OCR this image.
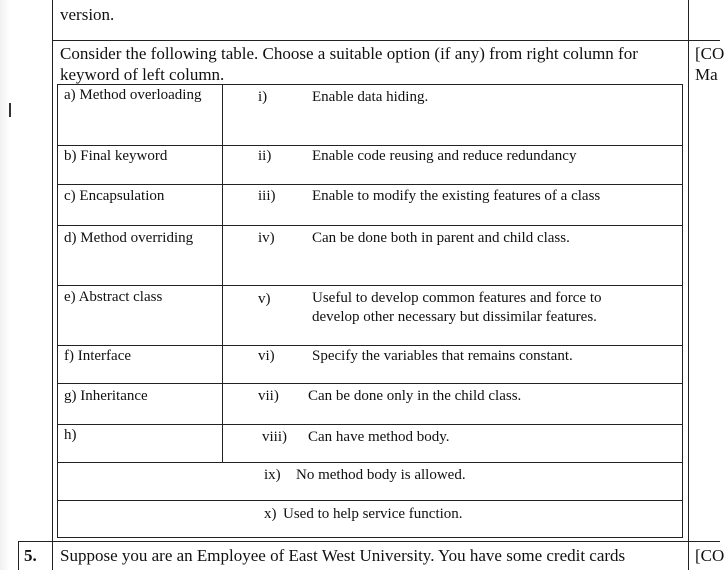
version.
Consider the following table. Choose a suitable option (if any) from right column for
keyword of left column.
[CO
Ma
a) Method overloading	i)	Enable data hiding.
b) Final keyword	ii)	Enable code reusing and reduce redundancy
c) Encapsulation	iii) Enable to modify the existing features of a class
d) Method overriding	iv) Can be done both in parent and child class.
e) Abstract class	v)	Useful to develop common features and force to
develop other necessary but dissimilar features.
f) Interface	vi) Specify the variables that remains constant.
g) Inheritance	vii) Can be done only in the child class.
h)	viii) Can have method body.
ix) No method body is allowed.
x) Used to help service function.
5. Suppose you are an Employee of East West University. You have some credit cards	[CO
